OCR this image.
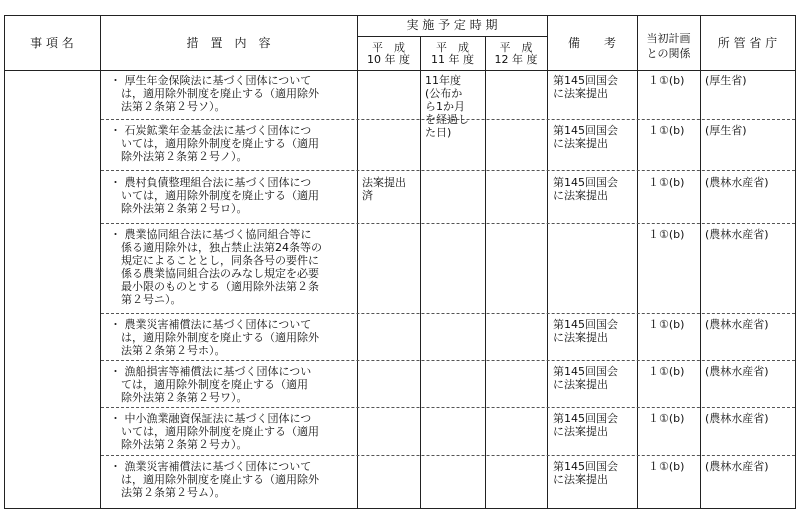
事 項 名	措　置　内　容
実 施 予 定 時 期
平　成
10 年 度
平　成
11 年 度
平　成
12 年 度
備　　考	当初計画
との関係
所 管 省 庁
・ 厚生年金保険法に基づく団体について
　は，適用除外制度を廃止する（適用除外
　法第２条第２号ソ）。
11年度
(公布か
ら1か月
を経過し
た日)
第145回国会
に法案提出
１①(b) (厚生省)
・ 石炭鉱業年金基金法に基づく団体につ
　いては，適用除外制度を廃止する（適用
　除外法第２条第２号ノ）。
第145回国会
に法案提出
１①(b) (厚生省)
・ 農村負債整理組合法に基づく団体につ
　いては，適用除外制度を廃止する（適用
　除外法第２条第２号ロ）。
法案提出
済
第145回国会
に法案提出
１①(b) (農林水産省)
・ 農業協同組合法に基づく協同組合等に
　係る適用除外は，独占禁止法第24条等の
　規定によることとし，同条各号の要件に
　係る農業協同組合法のみなし規定を必要
　最小限のものとする（適用除外法第２条
　第２号ニ）。
１①(b) (農林水産省)
・ 農業災害補償法に基づく団体について
　は，適用除外制度を廃止する（適用除外
　法第２条第２号ホ）。
第145回国会
に法案提出
１①(b) (農林水産省)
・ 漁船損害等補償法に基づく団体につい
　ては，適用除外制度を廃止する（適用
　除外法第２条第２号ワ）。
第145回国会
に法案提出
１①(b) (農林水産省)
・ 中小漁業融資保証法に基づく団体につ
　いては，適用除外制度を廃止する（適用
　除外法第２条第２号カ）。
第145回国会
に法案提出
１①(b) (農林水産省)
・ 漁業災害補償法に基づく団体について
　は，適用除外制度を廃止する（適用除外
　法第２条第２号ム）。
第145回国会
に法案提出
１①(b) (農林水産省)
